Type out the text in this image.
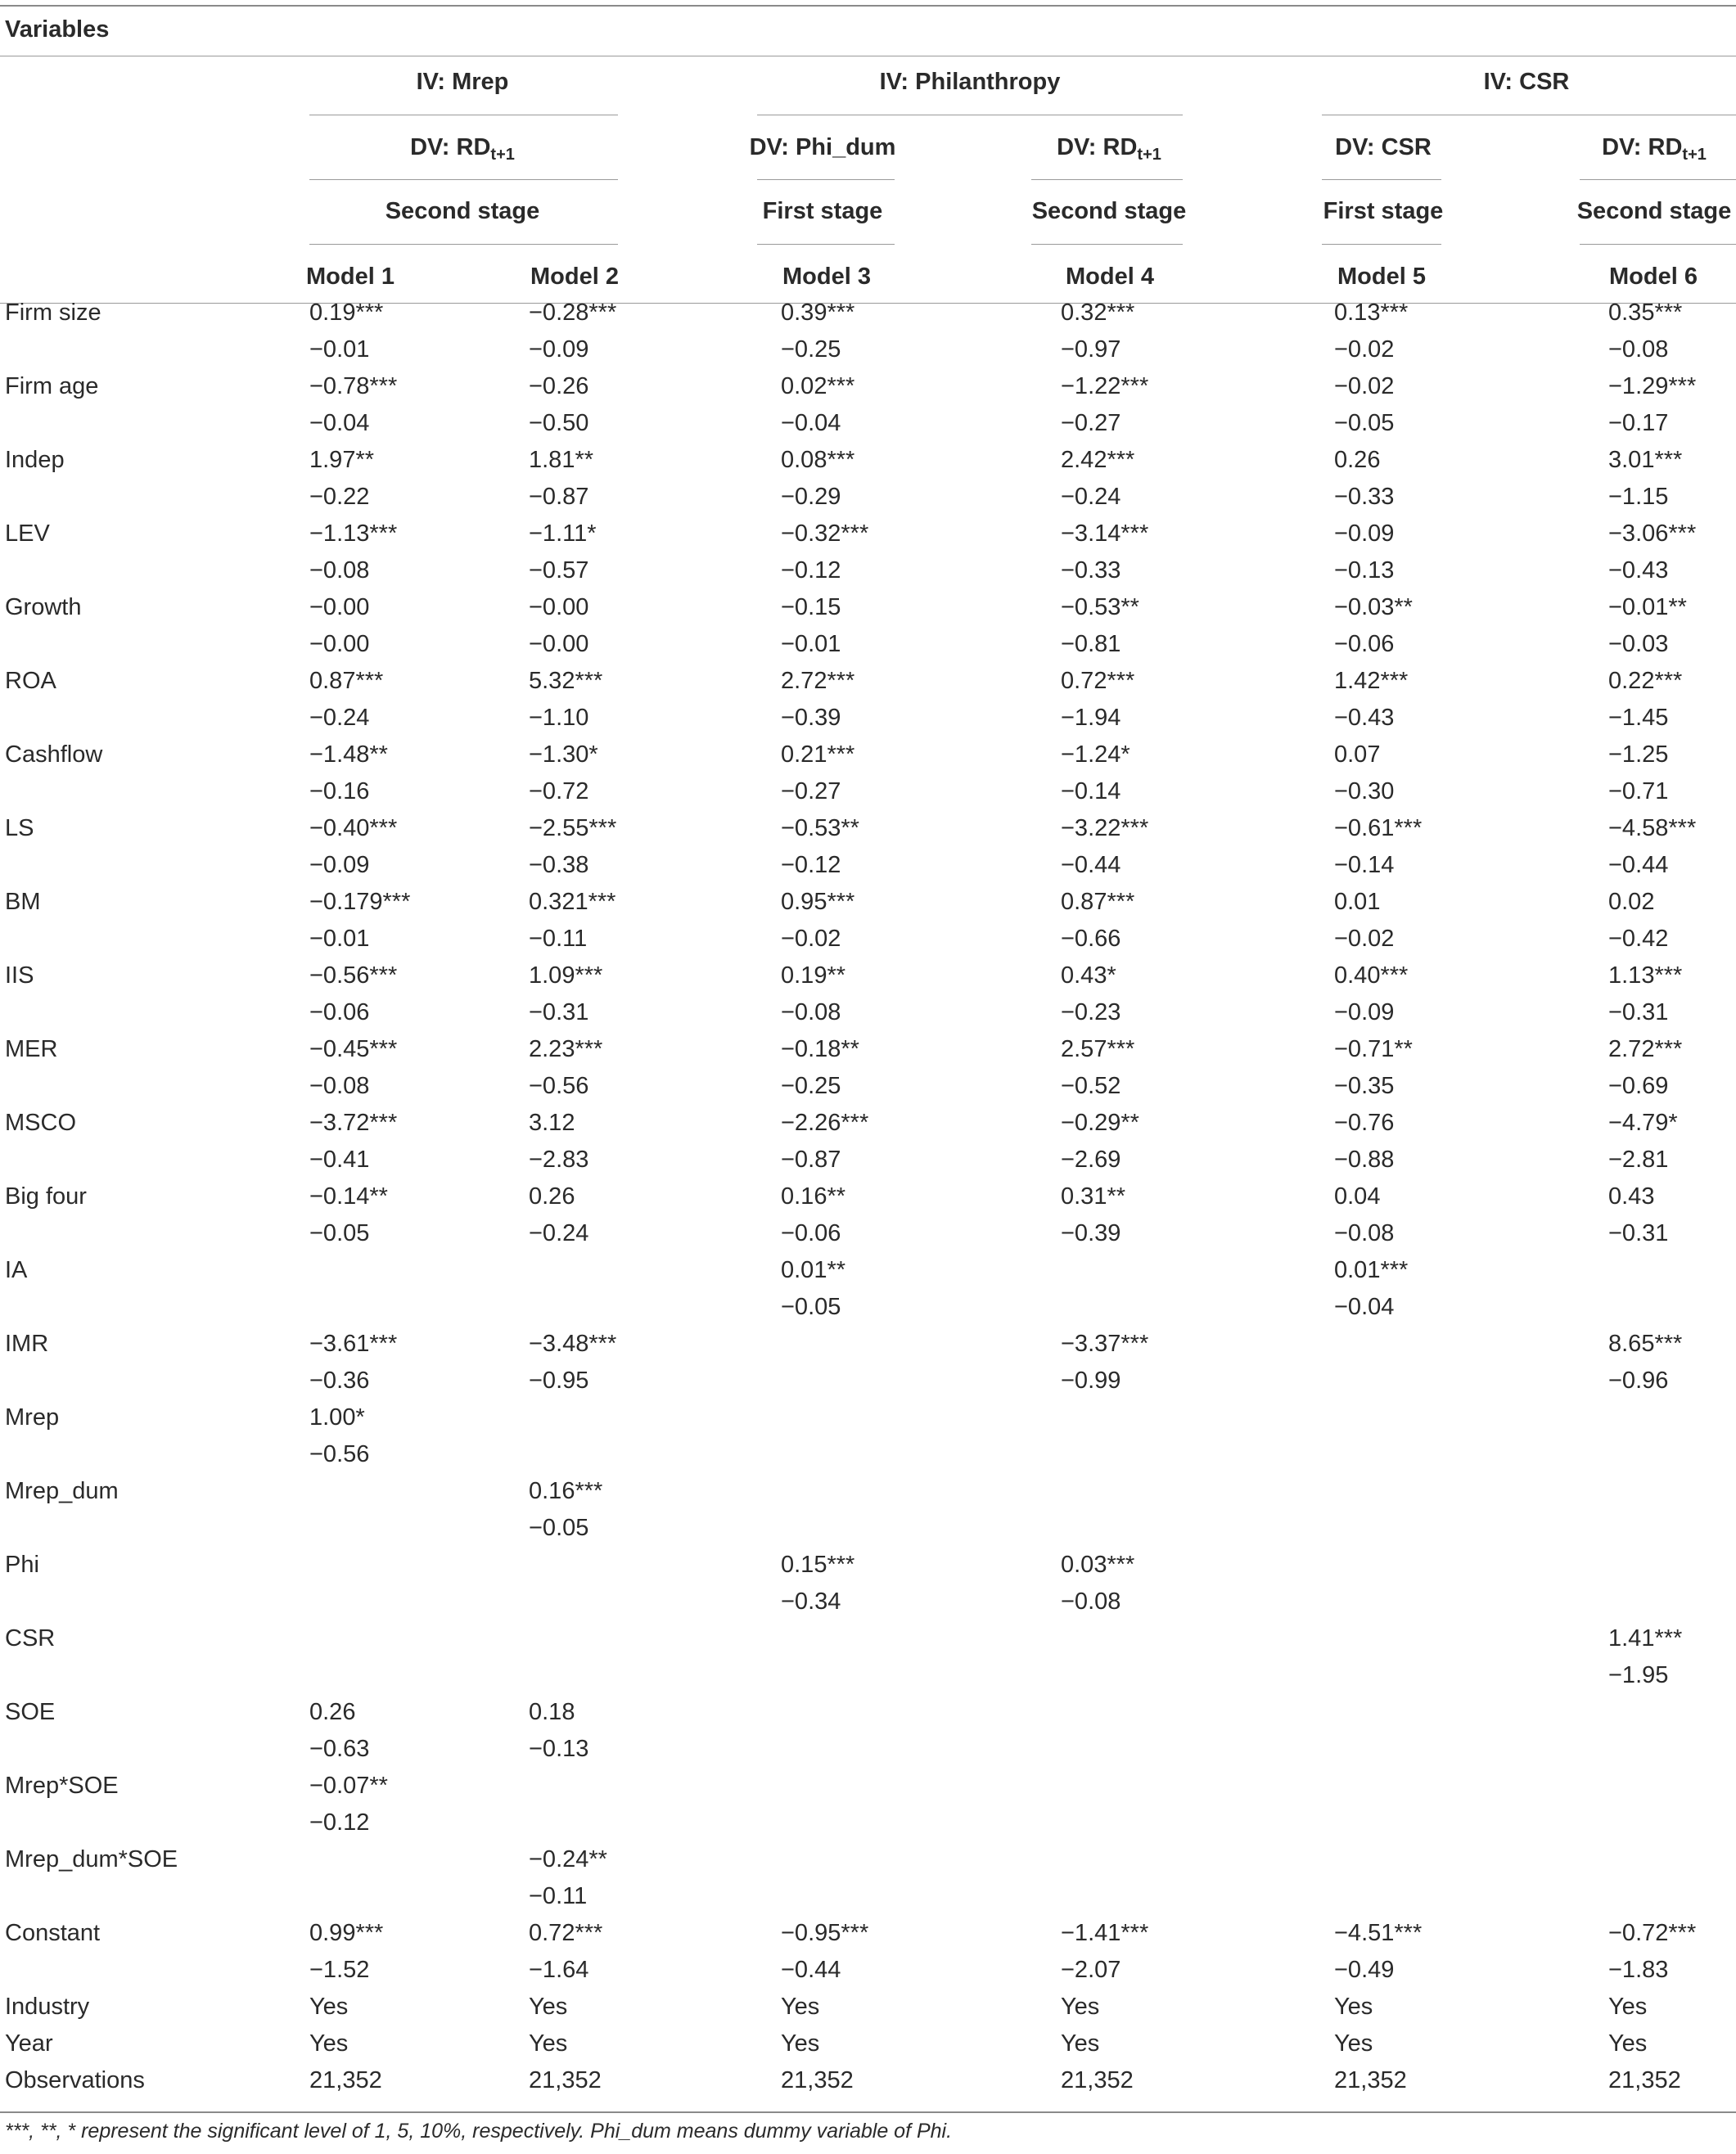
Variables
IV: Mrep	IV: Philanthropy	IV: CSR
DV: $RD_{t+1}$	DV: Phi_dum	DV: $RD_{t+1}$	DV: CSR	DV: $RD_{t+1}$
Second stage	First stage	Second stage	First stage	Second stage
Model 1	Model 2	Model 3	Model 4	Model 5	Model 6
Firm size	0.19***	−0.28***	0.39***	0.32***	0.13***	0.35***	
	−0.01	−0.09	−0.25	−0.97	−0.02	−0.08	
Firm age	−0.78***	−0.26	0.02***	−1.22***	−0.02	−1.29***	
	−0.04	−0.50	−0.04	−0.27	−0.05	−0.17	
Indep	1.97**	1.81**	0.08***	2.42***	0.26	3.01***	
	−0.22	−0.87	−0.29	−0.24	−0.33	−1.15	
LEV	−1.13***	−1.11*	−0.32***	−3.14***	−0.09	−3.06***	
	−0.08	−0.57	−0.12	−0.33	−0.13	−0.43	
Growth	−0.00	−0.00	−0.15	−0.53**	−0.03**	−0.01**	
	−0.00	−0.00	−0.01	−0.81	−0.06	−0.03	
ROA	0.87***	5.32***	2.72***	0.72***	1.42***	0.22***	
	−0.24	−1.10	−0.39	−1.94	−0.43	−1.45	
Cashflow	−1.48**	−1.30*	0.21***	−1.24*	0.07	−1.25	
	−0.16	−0.72	−0.27	−0.14	−0.30	−0.71	
LS	−0.40***	−2.55***	−0.53**	−3.22***	−0.61***	−4.58***	
	−0.09	−0.38	−0.12	−0.44	−0.14	−0.44	
BM	−0.179***	0.321***	0.95***	0.87***	0.01	0.02	
	−0.01	−0.11	−0.02	−0.66	−0.02	−0.42	
IIS	−0.56***	1.09***	0.19**	0.43*	0.40***	1.13***	
	−0.06	−0.31	−0.08	−0.23	−0.09	−0.31	
MER	−0.45***	2.23***	−0.18**	2.57***	−0.71**	2.72***	
	−0.08	−0.56	−0.25	−0.52	−0.35	−0.69	
MSCO	−3.72***	3.12	−2.26***	−0.29**	−0.76	−4.79*	
	−0.41	−2.83	−0.87	−2.69	−0.88	−2.81	
Big four	−0.14**	0.26	0.16**	0.31**	0.04	0.43	
	−0.05	−0.24	−0.06	−0.39	−0.08	−0.31	
IA			0.01**		0.01***		
			−0.05		−0.04		
IMR	−3.61***	−3.48***		−3.37***		8.65***	
	−0.36	−0.95		−0.99		−0.96	
Mrep	1.00*						
	−0.56						
Mrep_dum		0.16***					
		−0.05					
Phi			0.15***	0.03***			
			−0.34	−0.08			
CSR						1.41***	
						−1.95	
SOE	0.26	0.18					
	−0.63	−0.13					
Mrep*SOE	−0.07**						
	−0.12						
Mrep_dum*SOE		−0.24**					
		−0.11					
Constant	0.99***	0.72***	−0.95***	−1.41***	−4.51***	−0.72***	
	−1.52	−1.64	−0.44	−2.07	−0.49	−1.83	
Industry	Yes	Yes	Yes	Yes	Yes	Yes	
Year	Yes	Yes	Yes	Yes	Yes	Yes	
Observations	21,352	21,352	21,352	21,352	21,352	21,352	
***, **, * represent the significant level of 1, 5, 10%, respectively. Phi_dum means dummy variable of Phi.
